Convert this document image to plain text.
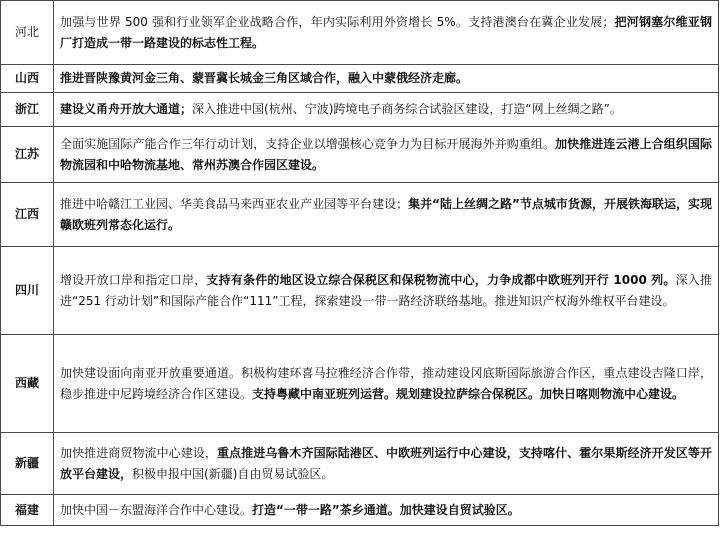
河北	加强与世界 500 强和行业领军企业战略合作，年内实际利用外资增长 5%。支持港澳台在冀企业发展；把河钢塞尔维亚钢厂打造成一带一路建设的标志性工程。
山西	推进晋陕豫黄河金三角、蒙晋冀长城金三角区域合作，融入中蒙俄经济走廊。
浙江	建设义甬舟开放大通道；深入推进中国(杭州、宁波)跨境电子商务综合试验区建设，打造“网上丝绸之路”。
江苏	全面实施国际产能合作三年行动计划，支持企业以增强核心竞争力为目标开展海外并购重组。加快推进连云港上合组织国际物流园和中哈物流基地、常州苏澳合作园区建设。
江西	推进中哈赣江工业园、华美食品马来西亚农业产业园等平台建设；集并“陆上丝绸之路”节点城市货源，开展铁海联运，实现赣欧班列常态化运行。
四川	增设开放口岸和指定口岸，支持有条件的地区设立综合保税区和保税物流中心，力争成都中欧班列开行 1000 列。深入推进“251 行动计划”和国际产能合作“111”工程，探索建设一带一路经济联络基地。推进知识产权海外维权平台建设。
西藏	加快建设面向南亚开放重要通道。积极构建环喜马拉雅经济合作带，推动建设冈底斯国际旅游合作区，重点建设吉隆口岸，稳步推进中尼跨境经济合作区建设。支持粤藏中南亚班列运营。规划建设拉萨综合保税区。加快日喀则物流中心建设。
新疆	加快推进商贸物流中心建设，重点推进乌鲁木齐国际陆港区、中欧班列运行中心建设，支持喀什、霍尔果斯经济开发区等开放平台建设，积极申报中国(新疆)自由贸易试验区。
福建	加快中国－东盟海洋合作中心建设。打造“一带一路”茶乡通道。加快建设自贸试验区。
